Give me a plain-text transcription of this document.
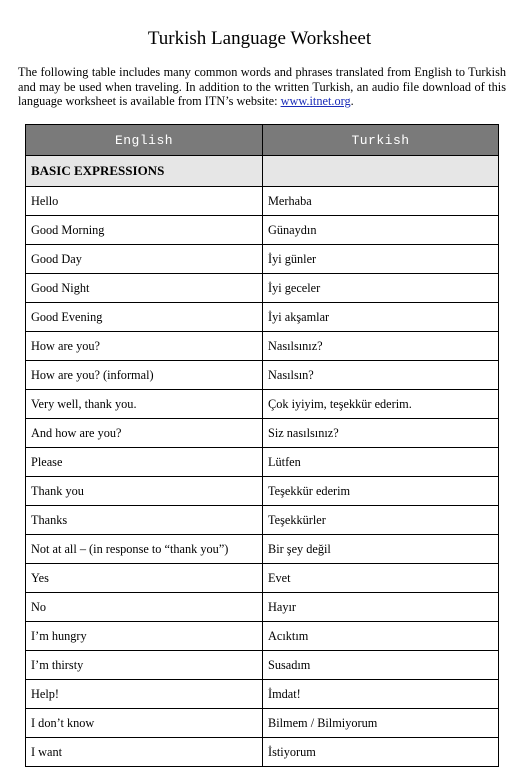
Turkish Language Worksheet
The following table includes many common words and phrases translated from English to Turkish and may be used when traveling. In addition to the written Turkish, an audio file download of this language worksheet is available from ITN’s website: www.itnet.org.
English	Turkish
BASIC EXPRESSIONS	
Hello	Merhaba
Good Morning	Günaydın
Good Day	İyi günler
Good Night	İyi geceler
Good Evening	İyi akşamlar
How are you?	Nasılsınız?
How are you? (informal)	Nasılsın?
Very well, thank you.	Çok iyiyim, teşekkür ederim.
And how are you?	Siz nasılsınız?
Please	Lütfen
Thank you	Teşekkür ederim
Thanks	Teşekkürler
Not at all – (in response to “thank you”)	Bir şey değil
Yes	Evet
No	Hayır
I’m hungry	Acıktım
I’m thirsty	Susadım
Help!	İmdat!
I don’t know	Bilmem / Bilmiyorum
I want	İstiyorum
